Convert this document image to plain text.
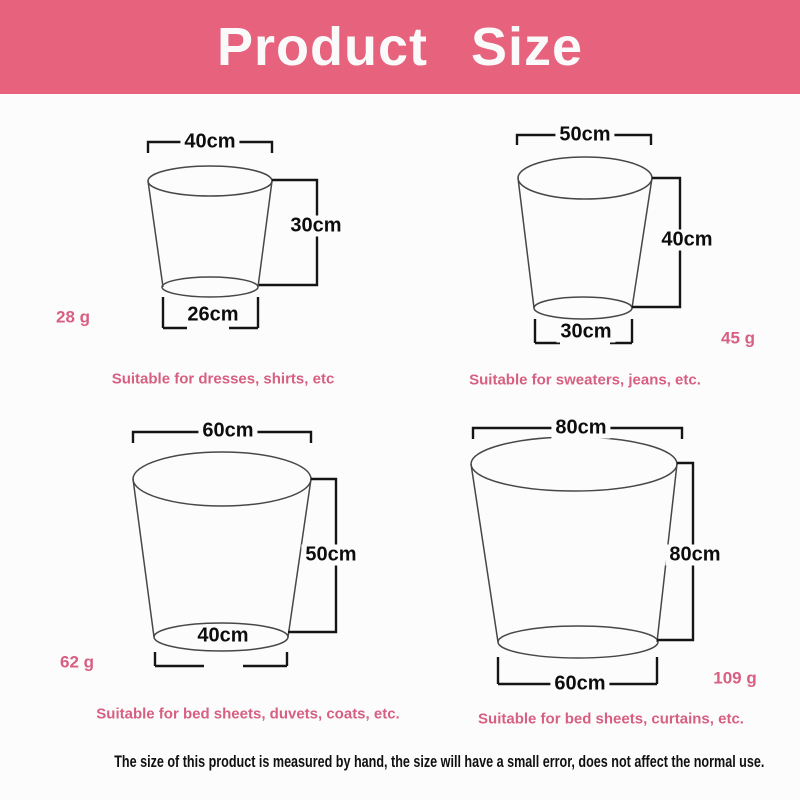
Product Size
40cm
30cm
26cm
28 g
Suitable for dresses, shirts, etc
50cm
40cm
30cm	45 g
Suitable for sweaters, jeans, etc.
60cm
50cm
40cm
62 g
Suitable for bed sheets, duvets, coats, etc.
80cm
80cm
60cm	109 g
Suitable for bed sheets, curtains, etc.
The size of this product is measured by hand, the size will have a small error, does not affect the normal use.
